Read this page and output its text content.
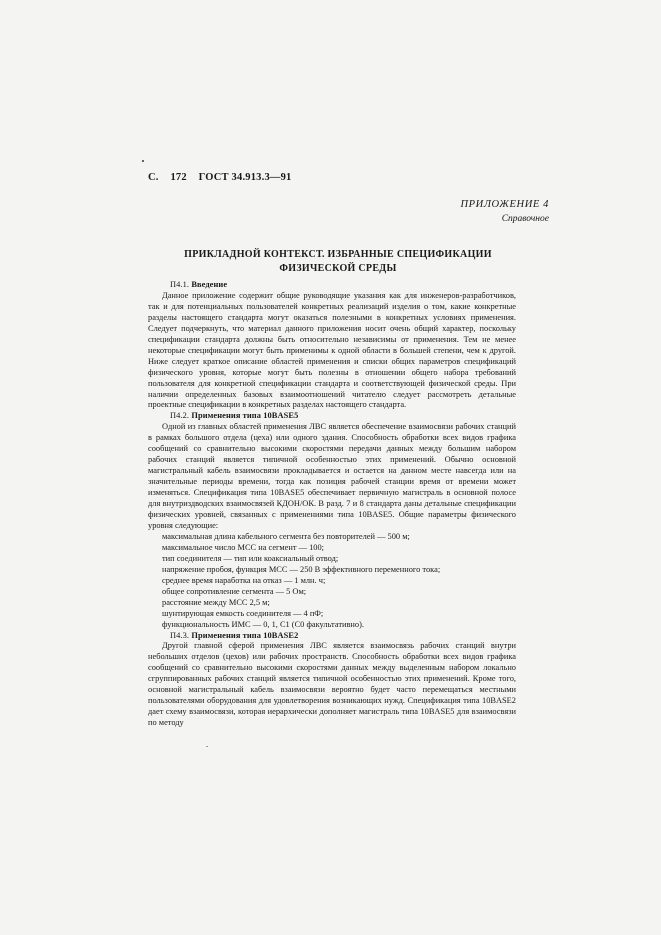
С. 172 ГОСТ 34.913.3—91
ПРИЛОЖЕНИЕ 4
Справочное
ПРИКЛАДНОЙ КОНТЕКСТ. ИЗБРАННЫЕ СПЕЦИФИКАЦИИ
ФИЗИЧЕСКОЙ СРЕДЫ

П4.1. Введение

Данное приложение содержит общие руководящие указания как для инженеров-разработчиков, так и для потенциальных пользователей конкретных реализаций изделия о том, какие конкретные разделы настоящего стандарта могут оказаться полезными в конкретных условиях применения. Следует подчеркнуть, что материал данного приложения носит очень общий характер, поскольку спецификации стандарта должны быть относительно независимы от применения. Тем не менее некоторые спецификации могут быть применимы к одной области в большей степени, чем к другой. Ниже следует краткое описание областей применения и списки общих параметров спецификаций физического уровня, которые могут быть полезны в отношении общего набора требований пользователя для конкретной спецификации стандарта и соответствующей физической среды. При наличии определенных базовых взаимоотношений читателю следует рассмотреть детальные проектные спецификации в конкретных разделах настоящего стандарта.

П4.2. Применения типа 10BASE5

Одной из главных областей применения ЛВС является обеспечение взаимосвязи рабочих станций в рамках большого отдела (цеха) или одного здания. Способность обработки всех видов графика сообщений со сравнительно высокими скоростями передачи данных между большим набором рабочих станций является типичной особенностью этих применений. Обычно основной магистральный кабель взаимосвязи прокладывается и остается на данном месте навсегда или на значительные периоды времени, тогда как позиция рабочей станции время от времени может изменяться. Спецификация типа 10BASE5 обеспечивает первичную магистраль в основной полосе для внутриздводских взаимосвязей КДОН/ОК. В разд. 7 и 8 стандарта даны детальные спецификации физических уровней, связанных с применениями типа 10BASE5. Общие параметры физического уровня следующие:

максимальная длина кабельного сегмента без повторителей — 500 м;

максимальное число МСС на сегмент — 100;

тип соединителя — тип или коаксиальный отвод;

напряжение пробоя, функция МСС — 250 В эффективного переменного тока;

среднее время наработка на отказ — 1 млн. ч;

общее сопротивление сегмента — 5 Ом;

расстояние между МСС 2,5 м;

шунтирующая емкость соединителя — 4 пФ;

функциональность ИМС — 0, 1, С1 (С0 факультативно).

П4.3. Применения типа 10BASE2

Другой главной сферой применения ЛВС является взаимосвязь рабочих станций внутри небольших отделов (цехов) или рабочих пространств. Способность обработки всех видов графика сообщений со сравнительно высокими скоростями данных между выделенным набором локально сгруппированных рабочих станций является типичной особенностью этих применений. Кроме того, основной магистральный кабель взаимосвязи вероятно будет часто перемещаться местными пользователями оборудования для удовлетворения возникающих нужд. Спецификация типа 10BASE2 дает схему взаимосвязи, которая иерархически дополняет магистраль типа 10BASE5 для взаимосвязи по методу
